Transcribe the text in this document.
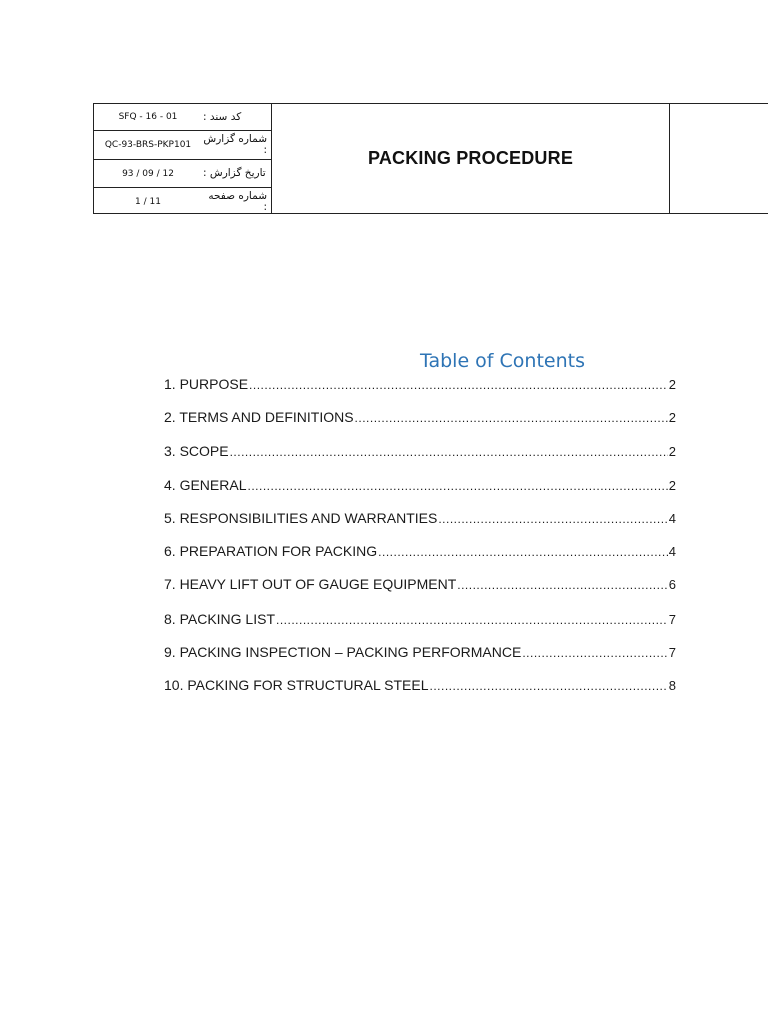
SFQ - 16 - 01	کد سند :
QC-93-BRS-PKP101	شماره گزارش :
93 / 09 / 12	تاریخ گزارش :
1 / 11	شماره صفحه :
PACKING PROCEDURE
Table of Contents
1. PURPOSE .....	2
2. TERMS AND DEFINITIONS .....	2
3. SCOPE .....	2
4. GENERAL .....	2
5. RESPONSIBILITIES AND WARRANTIES .....	4
6. PREPARATION FOR PACKING .....	4
7. HEAVY LIFT OUT OF GAUGE EQUIPMENT .....	6
8. PACKING LIST .....	7
9. PACKING INSPECTION – PACKING PERFORMANCE .....	7
10. PACKING FOR STRUCTURAL STEEL .....	8
